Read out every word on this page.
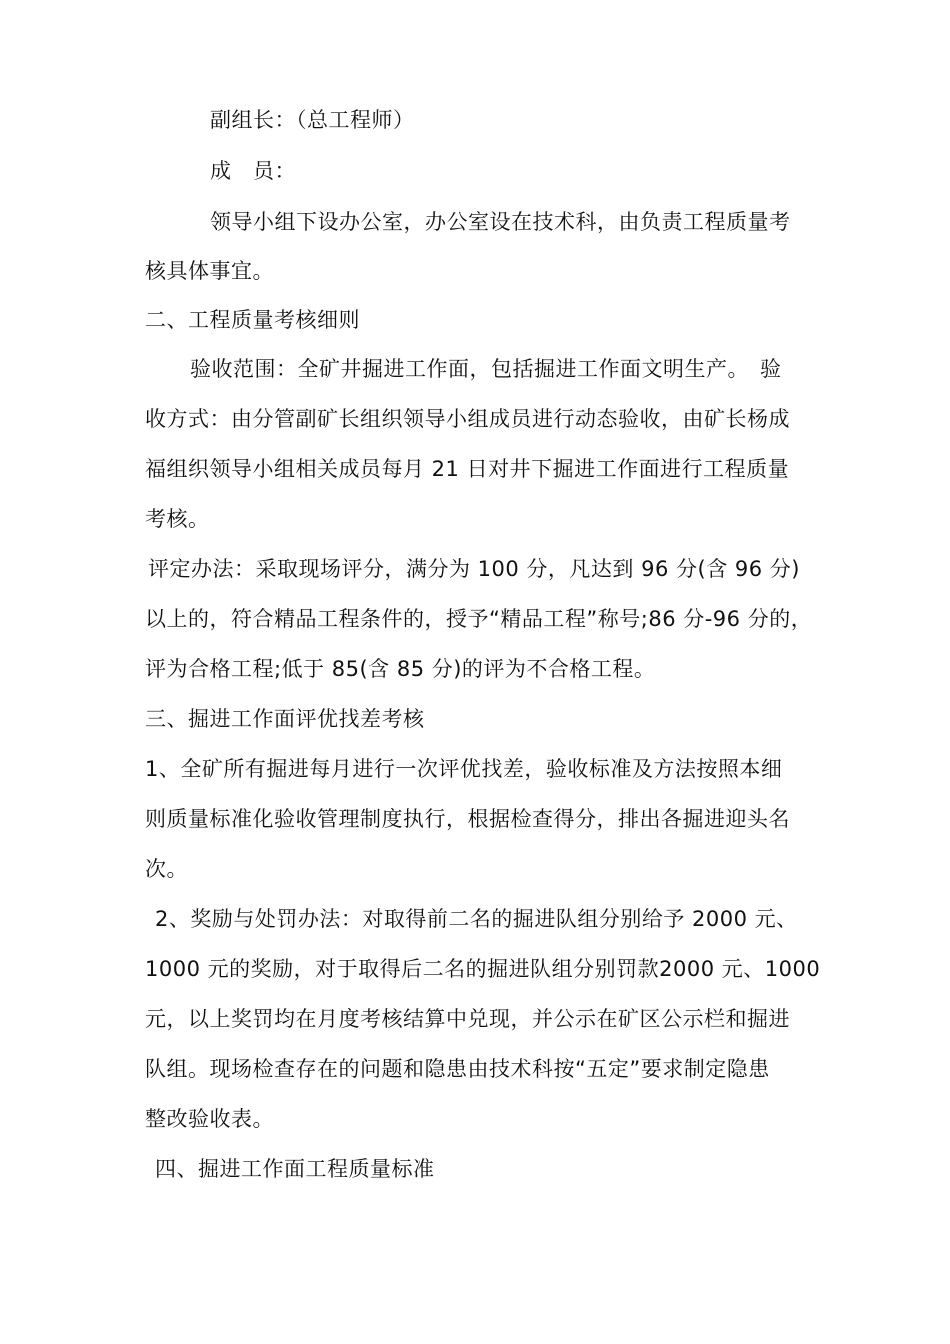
副组长：（总工程师）
成　员：
领导小组下设办公室，办公室设在技术科，由负责工程质量考
核具体事宜。
二、工程质量考核细则
验收范围：全矿井掘进工作面，包括掘进工作面文明生产。　验
收方式：由分管副矿长组织领导小组成员进行动态验收，由矿长杨成
福组织领导小组相关成员每月 21 日对井下掘进工作面进行工程质量
考核。
评定办法：采取现场评分，满分为 100 分，凡达到 96 分(含 96 分)
以上的，符合精品工程条件的，授予“精品工程”称号;86 分-96 分的，
评为合格工程;低于 85(含 85 分)的评为不合格工程。
三、掘进工作面评优找差考核
1、全矿所有掘进每月进行一次评优找差，验收标准及方法按照本细
则质量标准化验收管理制度执行，根据检查得分，排出各掘进迎头名
次。
2、奖励与处罚办法：对取得前二名的掘进队组分别给予 2000 元、
1000 元的奖励，对于取得后二名的掘进队组分别罚款2000 元、1000
元，以上奖罚均在月度考核结算中兑现，并公示在矿区公示栏和掘进
队组。现场检查存在的问题和隐患由技术科按“五定”要求制定隐患
整改验收表。
四、掘进工作面工程质量标准
